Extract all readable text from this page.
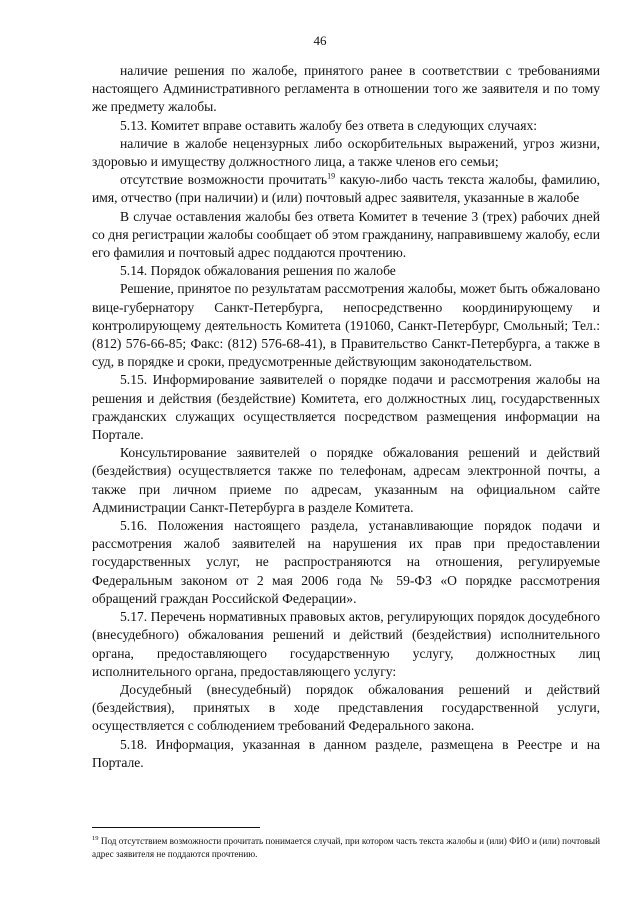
46

наличие решения по жалобе, принятого ранее в соответствии с требованиями настоящего Административного регламента в отношении того же заявителя и по тому же предмету жалобы.

5.13. Комитет вправе оставить жалобу без ответа в следующих случаях:

наличие в жалобе нецензурных либо оскорбительных выражений, угроз жизни, здоровью и имуществу должностного лица, а также членов его семьи;

отсутствие возможности прочитать$^{19}$ какую-либо часть текста жалобы, фамилию, имя, отчество (при наличии) и (или) почтовый адрес заявителя, указанные в жалобе

В случае оставления жалобы без ответа Комитет в течение 3 (трех) рабочих дней со дня регистрации жалобы сообщает об этом гражданину, направившему жалобу, если его фамилия и почтовый адрес поддаются прочтению.

5.14. Порядок обжалования решения по жалобе

Решение, принятое по результатам рассмотрения жалобы, может быть обжаловано вице-губернатору Санкт-Петербурга, непосредственно координирующему и контролирующему деятельность Комитета (191060, Санкт-Петербург, Смольный; Тел.: (812) 576-66-85; Факс: (812) 576-68-41), в Правительство Санкт-Петербурга, а также в суд, в порядке и сроки, предусмотренные действующим законодательством.

5.15. Информирование заявителей о порядке подачи и рассмотрения жалобы на решения и действия (бездействие) Комитета, его должностных лиц, государственных гражданских служащих осуществляется посредством размещения информации на Портале.

Консультирование заявителей о порядке обжалования решений и действий (бездействия) осуществляется также по телефонам, адресам электронной почты, а также при личном приеме по адресам, указанным на официальном сайте Администрации Санкт-Петербурга в разделе Комитета.

5.16. Положения настоящего раздела, устанавливающие порядок подачи и рассмотрения жалоб заявителей на нарушения их прав при предоставлении государственных услуг, не распространяются на отношения, регулируемые Федеральным законом от 2 мая 2006 года № 59-ФЗ «О порядке рассмотрения обращений граждан Российской Федерации».

5.17. Перечень нормативных правовых актов, регулирующих порядок досудебного (внесудебного) обжалования решений и действий (бездействия) исполнительного органа, предоставляющего государственную услугу, должностных лиц исполнительного органа, предоставляющего услугу:

Досудебный (внесудебный) порядок обжалования решений и действий (бездействия), принятых в ходе представления государственной услуги, осуществляется с соблюдением требований Федерального закона.

5.18. Информация, указанная в данном разделе, размещена в Реестре и на Портале.

$^{19}$ Под отсутствием возможности прочитать понимается случай, при котором часть текста жалобы и (или) ФИО и (или) почтовый адрес заявителя не поддаются прочтению.
